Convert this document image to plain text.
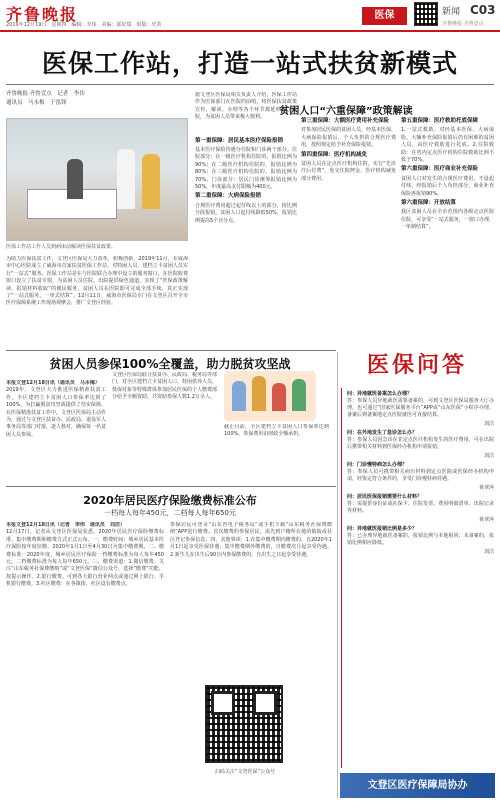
齐鲁晚报
2019年12月19日　星期四　编辑：李伟　美编：邵好瑞　组版：史英
医保	新闻 C03
齐鲁晚报·齐鲁壹点
医保工作站，打造一站式扶贫新模式
齐鲁晚报·齐鲁壹点　记者　李伟
通讯员　马永梅　于泓锋
医保工作站工作人员到病床前解读医保扶贫政策。
为助力医保扶贫工作，文登区医保局大力改革，积极创新，2019年11月，在威海市中心医院成立了威海市首家扶贫医保工作站，对特困人员、建档立卡贫困人员实行“一站式”服务。医保工作站是在与医院联合办理中设立的服务窗口，在医院收费窗口设立了扶贫专窗，为贫困人员住院、出院提供绿色通道，实现了“医保政策解读、报销材料收取”的便民服务，贫困人员在医院即可完成全部手续，真正实现了“一站式服务，一单式结算”。12月11日，威海市医保局专门在文登区召开全市医疗保障系统工作现场观摩会，推广文登区经验。
据文登区医保局相关负责人介绍，医保工作站作为医保部门在医院的前哨，将医保扶贫政策宣传、解读、办理等各个环节都延伸到了医院，为贫困人员带来极大便利。
第一重保障：居民基本医疗保险报销
基本医疗保险待遇分住院和门诊两个部分。住院部分：在一级医疗机构住院的，报销比例为90%；在二级医疗机构住院的，报销比例为80%；在三级医疗机构住院的，报销比例为70%。门诊部分：居民门诊统筹报销比例为50%，年度最高支付限额为400元。
第二重保障：大病保险报销
合规医疗费用超过起付线以上的部分，按比例分段报销，贫困人口起付线降低50%，报销比例提高5个百分点。
贫困人口“六重保障”政策解读
第三重保障：大额医疗费用补充保险
对参加居民医保的贫困人员，经基本医保、大病保险报销后，个人负担的合规医疗费用，按照规定给予补充保险报销。
第四重保障：医疗机构减免
贫困人员在定点医疗机构住院，实行“先诊疗后付费”，免交住院押金，医疗机构减免部分费用。
第五重保障：医疗救助托底保障
1.一站式救助。对经基本医保、大病保险、大额补充保险报销后仍有困难的贫困人员，由医疗救助进行托底。2.住院救助：在省内定点医疗机构住院救助比例不低于70%。
第六重保障：医疗商业补充保险
贫困人口对发生的合规医疗费用，不设起付线，经报销后个人负担部分，商业补充保险再报销90%。
第六重保障：开放结算
我区贫困人员在全市范围内各级定点医院住院，可享受“一站式服务，一窗口办理，一单制结算”。
贫困人员参保100%全覆盖，助力脱贫攻坚战
本报文登12月18日讯（通讯员　马永梅）
2019年，文登区大力推进医保精准扶贫工作，全区建档立卡贫困人口参保率达到了100%，为打赢脱贫攻坚战提供了坚实保障。在医保精准扶贫工作中，文登区医保局主动作为，通过与文登区扶贫办、民政局、退役军人事务局等部门对接，逐人核对，确保每一名贫困人员参保。
文登区医保局联合扶贫办、民政局、税务局等部门，对全区建档立卡贫困人口、特困供养人员、低保对象等特殊群体参加居民医保的个人缴费部分给予全额资助，共资助参保人数1.2万余人。
截止目前，全区建档立卡贫困人口参保率达到100%，参保费用由财政全额承担。
2020年居民医疗保险缴费标准公布
一档每人每年450元，二档每人每年650元
本报文登12月18日讯（记者　李伟　通讯员　刘洁）
12月17日，记者从文登区医保局获悉，2020年居民医疗保险缴费标准、集中缴费期和缴费方式正式公布。一、缴费时间：城乡居民基本医疗保险按年度征缴，2020年1月1日至4月30日为集中缴费期。二、缴费标准：2020年度，城乡居民医疗保险一档缴费标准为每人每年450元，二档缴费标准为每人每年650元。三、缴费渠道：1.微信缴费。关注“山东税务社保费缴纳”或“文登医保”微信公众号，选择“缴费”功能，按提示操作。2.银行缴费。可到各大银行营业网点或通过网上银行、手机银行缴费。3.社区缴费：在各镇街、社区设有缴费点。
参保居民可登录“山东省电子税务局”或手机下载“山东税务社保费缴纳”APP进行缴费。首次缴费的参保居民，需先到户籍所在地的镇街或社区登记参保信息。四、其他事项：1.在集中缴费期内缴费的，自2020年1月1日起享受医保待遇；集中缴费期外缴费的，自缴费次月起享受待遇。2.新生儿在出生后90日内参保缴费的，自出生之日起享受待遇。
扫码关注“文登医保”公众号
医保问答
问：异地就医备案怎么办理？
答：参保人员异地就医需要备案的，可到文登区医保局服务大厅办理，也可通过“国家医保服务平台”APP或“山东医保”小程序办理。备案后到备案地定点医院就医可直接结算。
刘洁
问：在外地发生了急诊怎么办？
答：参保人员因急诊在非定点医疗机构发生的医疗费用，可在出院后携带相关材料到医保经办机构申请报销。
刘洁
问：门诊慢特病怎么办理？
答：参保人员可携带相关病历材料到定点医院或医保经办机构申请，经鉴定符合条件的，享受门诊慢特病待遇。
黄翠萍
问：居民医保报销需要什么材料？
答：需提供身份证或社保卡、住院发票、费用明细清单、出院记录等材料。
黄翠萍
问：异地就医报销比例是多少？
答：已办理异地就医备案的，报销比例与本地相同；未备案的，报销比例相应降低。
刘洁
文登区医疗保障局协办
